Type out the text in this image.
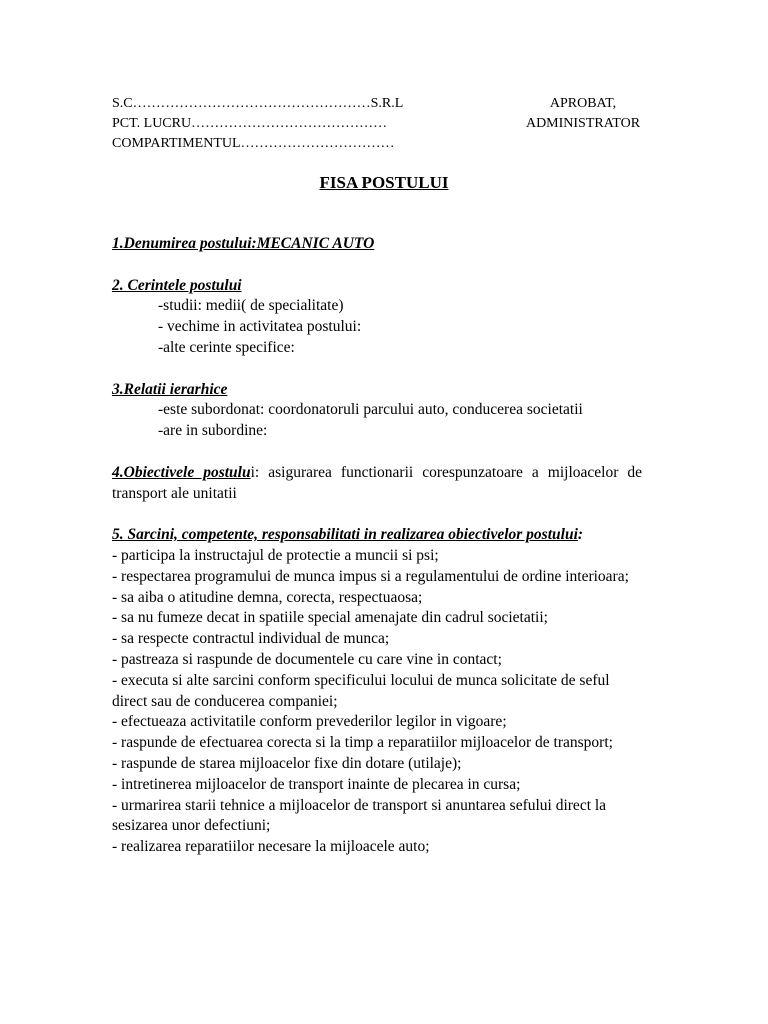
S.C……………………………………………S.R.L
PCT. LUCRU……………………………………
COMPARTIMENTUL……………………………
APROBAT,
ADMINISTRATOR
FISA POSTULUI
1.Denumirea postului:MECANIC AUTO
2. Cerintele postului
-studii: medii( de specialitate)
- vechime in activitatea postului:
-alte cerinte specifice:
3.Relatii ierarhice
-este subordonat: coordonatoruli parcului auto, conducerea societatii
-are in subordine:
4.Obiectivele postului: asigurarea functionarii corespunzatoare a mijloacelor de transport ale unitatii
5. Sarcini, competente, responsabilitati in realizarea obiectivelor postului:
- participa la instructajul de protectie a muncii si psi;
- respectarea programului de munca impus si a regulamentului de ordine interioara;
- sa aiba o atitudine demna, corecta, respectuaosa;
- sa nu fumeze decat in spatiile special amenajate din cadrul societatii;
- sa respecte contractul individual de munca;
- pastreaza si raspunde de documentele cu care vine in contact;
- executa si alte sarcini conform specificului locului de munca solicitate de seful direct sau de conducerea companiei;
- efectueaza activitatile conform prevederilor legilor in vigoare;
- raspunde de efectuarea corecta si la timp a reparatiilor mijloacelor de transport;
- raspunde de starea mijloacelor fixe din dotare (utilaje);
- intretinerea mijloacelor de transport inainte de plecarea in cursa;
- urmarirea starii tehnice a mijloacelor de transport si anuntarea sefului direct la sesizarea unor defectiuni;
- realizarea reparatiilor necesare la mijloacele auto;
